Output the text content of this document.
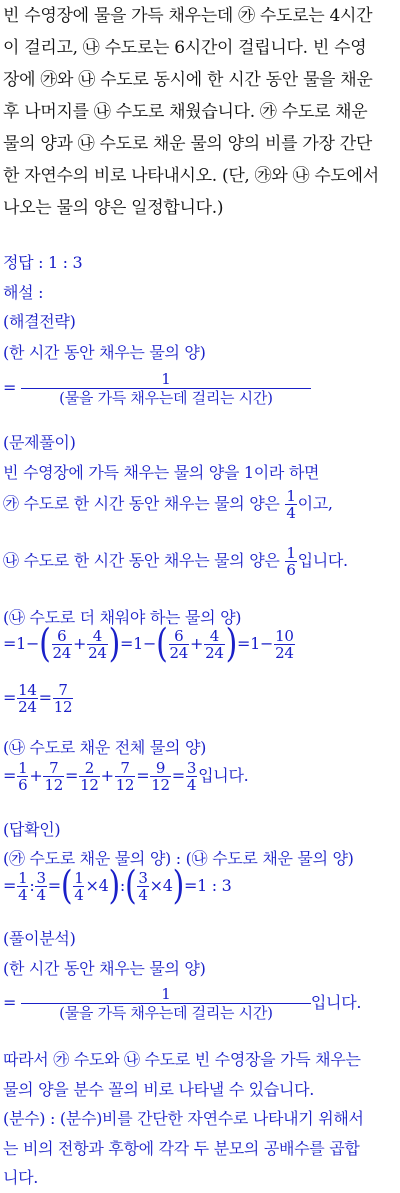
빈 수영장에 물을 가득 채우는데 ㉮ 수도로는 4시간
이 걸리고, ㉯ 수도로는 6시간이 걸립니다. 빈 수영
장에 ㉮와 ㉯ 수도로 동시에 한 시간 동안 물을 채운
후 나머지를 ㉯ 수도로 채웠습니다. ㉮ 수도로 채운
물의 양과 ㉯ 수도로 채운 물의 양의 비를 가장 간단
한 자연수의 비로 나타내시오. (단, ㉮와 ㉯ 수도에서
나오는 물의 양은 일정합니다.)
정답 : 1 : 3
해설 :
(해결전략)
(한 시간 동안 채우는 물의 양)
=	1
(물을 가득 채우는데 걸리는 시간)
(문제풀이)
빈 수영장에 가득 채우는 물의 양을 1이라 하면
㉮ 수도로 한 시간 동안 채우는 물의 양은 $\frac{1}{4}$ 이고,
㉯ 수도로 한 시간 동안 채우는 물의 양은 $\frac{1}{6}$ 입니다.
(㉯ 수도로 더 채워야 하는 물의 양)
$=1-( \frac{6}{24} + \frac{4}{24} )=1-( \frac{6}{24} + \frac{4}{24} )=1- \frac{10}{24}$
= $\frac{14}{24} = \frac{7}{12}$
(㉯ 수도로 채운 전체 물의 양)
= $\frac{1}{6} + \frac{7}{12} = \frac{2}{12} + \frac{7}{12} = \frac{9}{12} = \frac{3}{4}$ 입니다.
(답확인)
(㉮ 수도로 채운 물의 양) : (㉯ 수도로 채운 물의 양)
= $\frac{1}{4}$ : $\frac{3}{4}$ =( $\frac{1}{4}$ ×4):( $\frac{3}{4} \times 4)=1$ : 3
(풀이분석)
(한 시간 동안 채우는 물의 양)
=	1
(물을 가득 채우는데 걸리는 시간)
입니다.
따라서 ㉮ 수도와 ㉯ 수도로 빈 수영장을 가득 채우는
물의 양을 분수 꼴의 비로 나타낼 수 있습니다.
(분수) : (분수)비를 간단한 자연수로 나타내기 위해서
는 비의 전항과 후항에 각각 두 분모의 공배수를 곱합
니다.
